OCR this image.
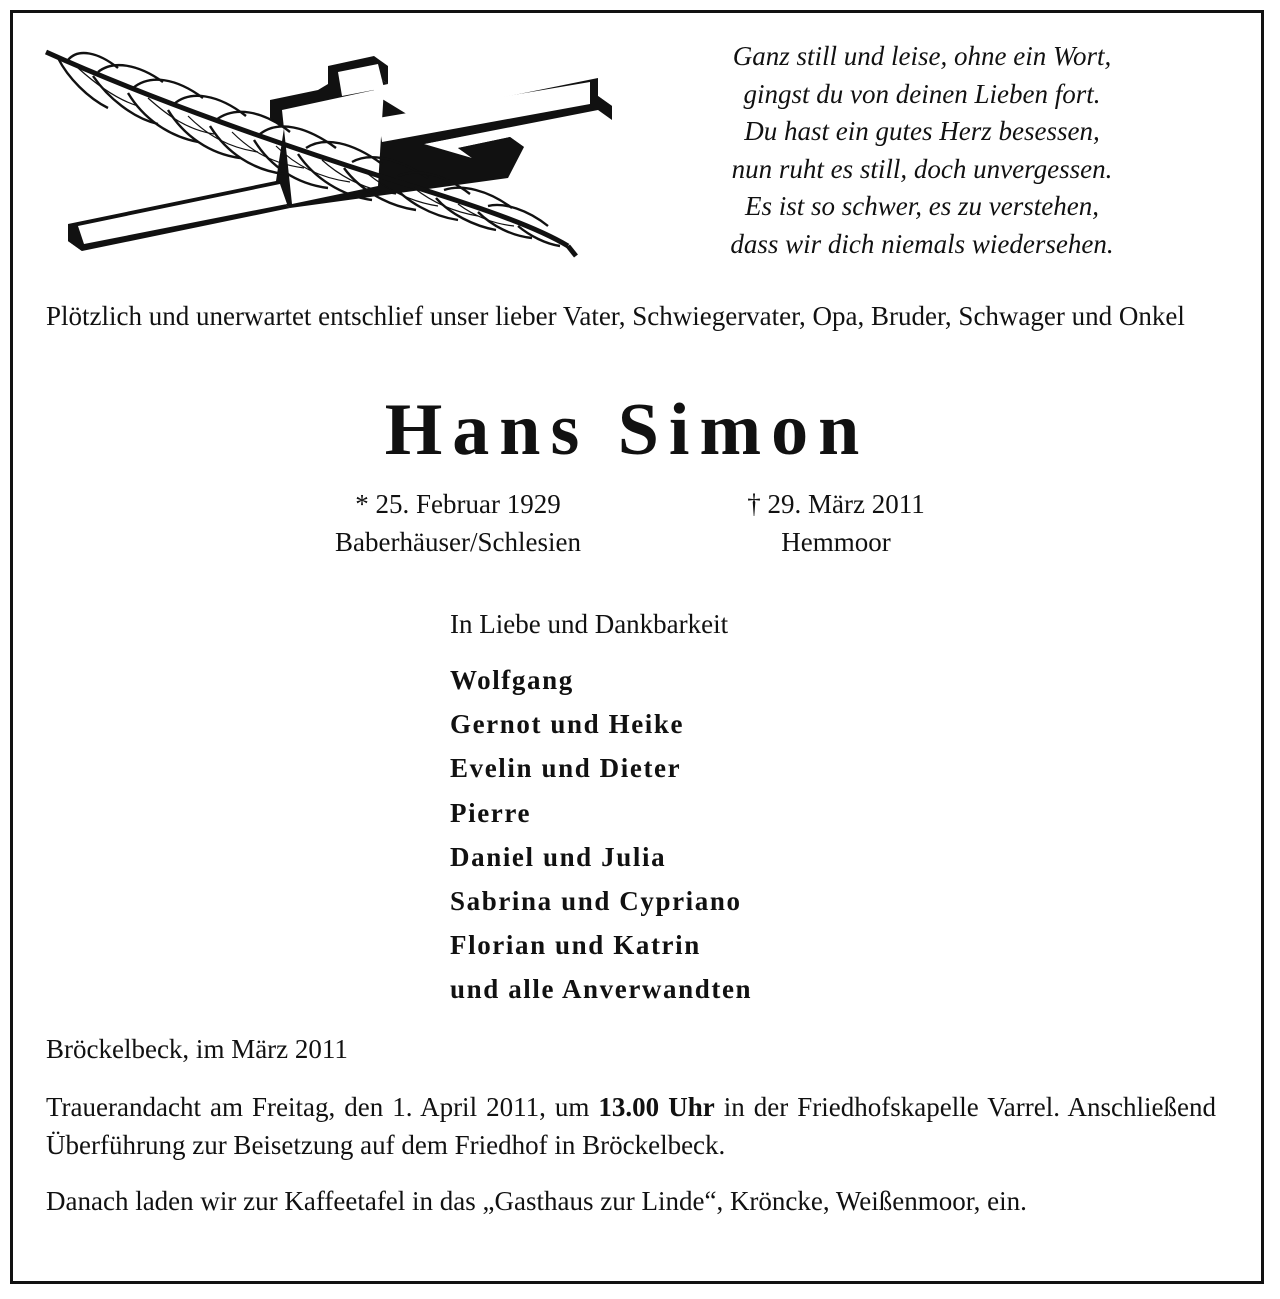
Ganz still und leise, ohne ein Wort,
gingst du von deinen Lieben fort.
Du hast ein gutes Herz besessen,
nun ruht es still, doch unvergessen.
Es ist so schwer, es zu verstehen,
dass wir dich niemals wiedersehen.
Plötzlich und unerwartet entschlief unser lieber Vater, Schwiegervater, Opa, Bruder, Schwager und Onkel
Hans Simon
* 25. Februar 1929
Baberhäuser/Schlesien
† 29. März 2011
Hemmoor
In Liebe und Dankbarkeit
Wolfgang
Gernot und Heike
Evelin und Dieter
Pierre
Daniel und Julia
Sabrina und Cypriano
Florian und Katrin
und alle Anverwandten
Bröckelbeck, im März 2011
Trauerandacht am Freitag, den 1. April 2011, um 13.00 Uhr in der Friedhofskapelle Varrel. Anschließend Überführung zur Beisetzung auf dem Friedhof in Bröckelbeck.
Danach laden wir zur Kaffeetafel in das „Gasthaus zur Linde“, Kröncke, Weißenmoor, ein.
